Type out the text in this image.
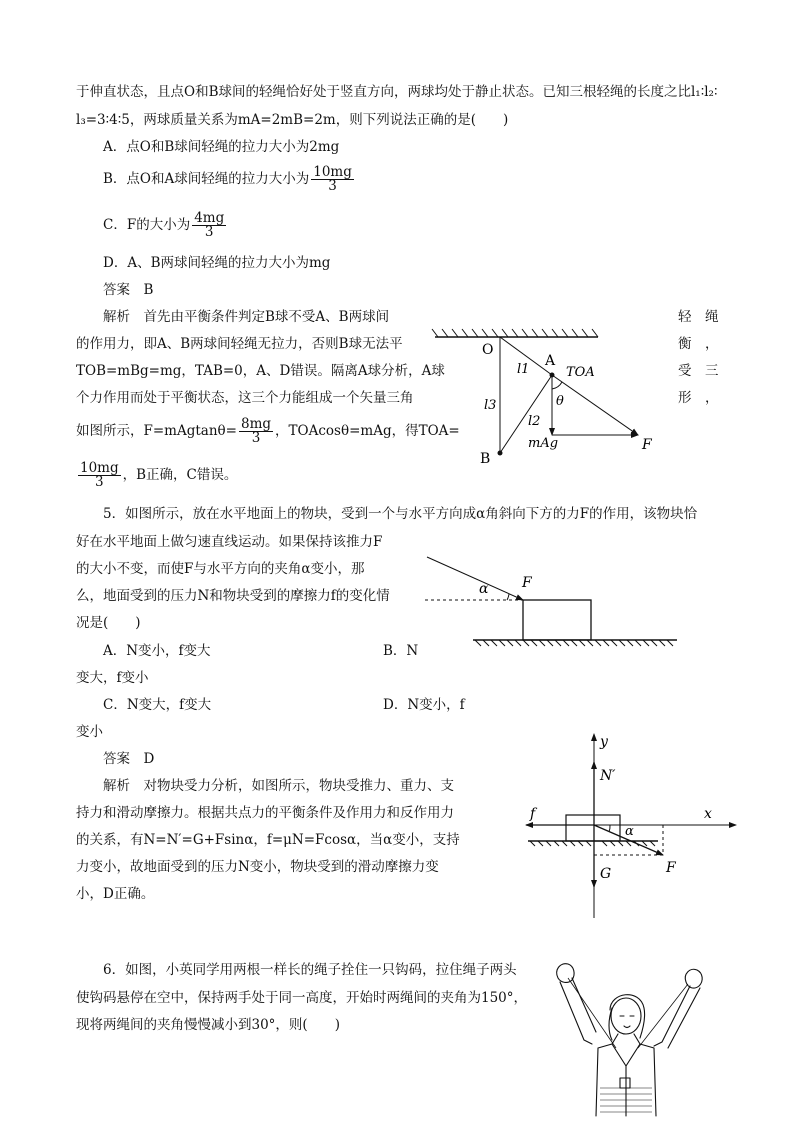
于伸直状态，且点O和B球间的轻绳恰好处于竖直方向，两球均处于静止状态。已知三根轻绳的长度之比l₁∶l₂∶
l₃=3∶4∶5，两球质量关系为mA=2mB=2m，则下列说法正确的是(　　)
A．点O和B球间轻绳的拉力大小为2mg
B．点O和A球间轻绳的拉力大小为 $\frac{10mg}{3}$
C．F的大小为 $\frac{4mg}{3}$
D．A、B两球间轻绳的拉力大小为mg
答案　B
解析　首先由平衡条件判定B球不受A、B两球间	轻　绳
的作用力，即A、B两球间轻绳无拉力，否则B球无法平	衡　，
TOB=mBg=mg，TAB=0，A、D错误。隔离A球分析，A球	受　三
个力作用而处于平衡状态，这三个力能组成一个矢量三角	形　，
如图所示，$F=mAgtan\theta= \frac{8mg}{3}$ ，TOAcosθ=mAg，得TOA=
$\frac{10mg}{3}$ ，B正确，C错误。
O
A
B
F
l1
l2
l3
TOA
θ
mAg
5．如图所示，放在水平地面上的物块，受到一个与水平方向成α角斜向下方的力F的作用，该物块恰
好在水平地面上做匀速直线运动。如果保持该推力F
的大小不变，而使F与水平方向的夹角α变小，那
么，地面受到的压力N和物块受到的摩擦力f的变化情
况是(　　)
A．N变小，f变大	B．N
变大，f变小
C．N变大，f变大	D．N变小，f
变小
答案　D
解析　对物块受力分析，如图所示，物块受推力、重力、支
持力和滑动摩擦力。根据共点力的平衡条件及作用力和反作用力
的关系，有N=N′=G+Fsinα，f=μN=Fcosα，当α变小，支持
力变小，故地面受到的压力N变小，物块受到的滑动摩擦力变
小，D正确。
α F
y
x
N′
f
α
G	F
6．如图，小英同学用两根一样长的绳子拴住一只钩码，拉住绳子两头
使钩码悬停在空中，保持两手处于同一高度，开始时两绳间的夹角为150°，
现将两绳间的夹角慢慢减小到30°，则(　　)
